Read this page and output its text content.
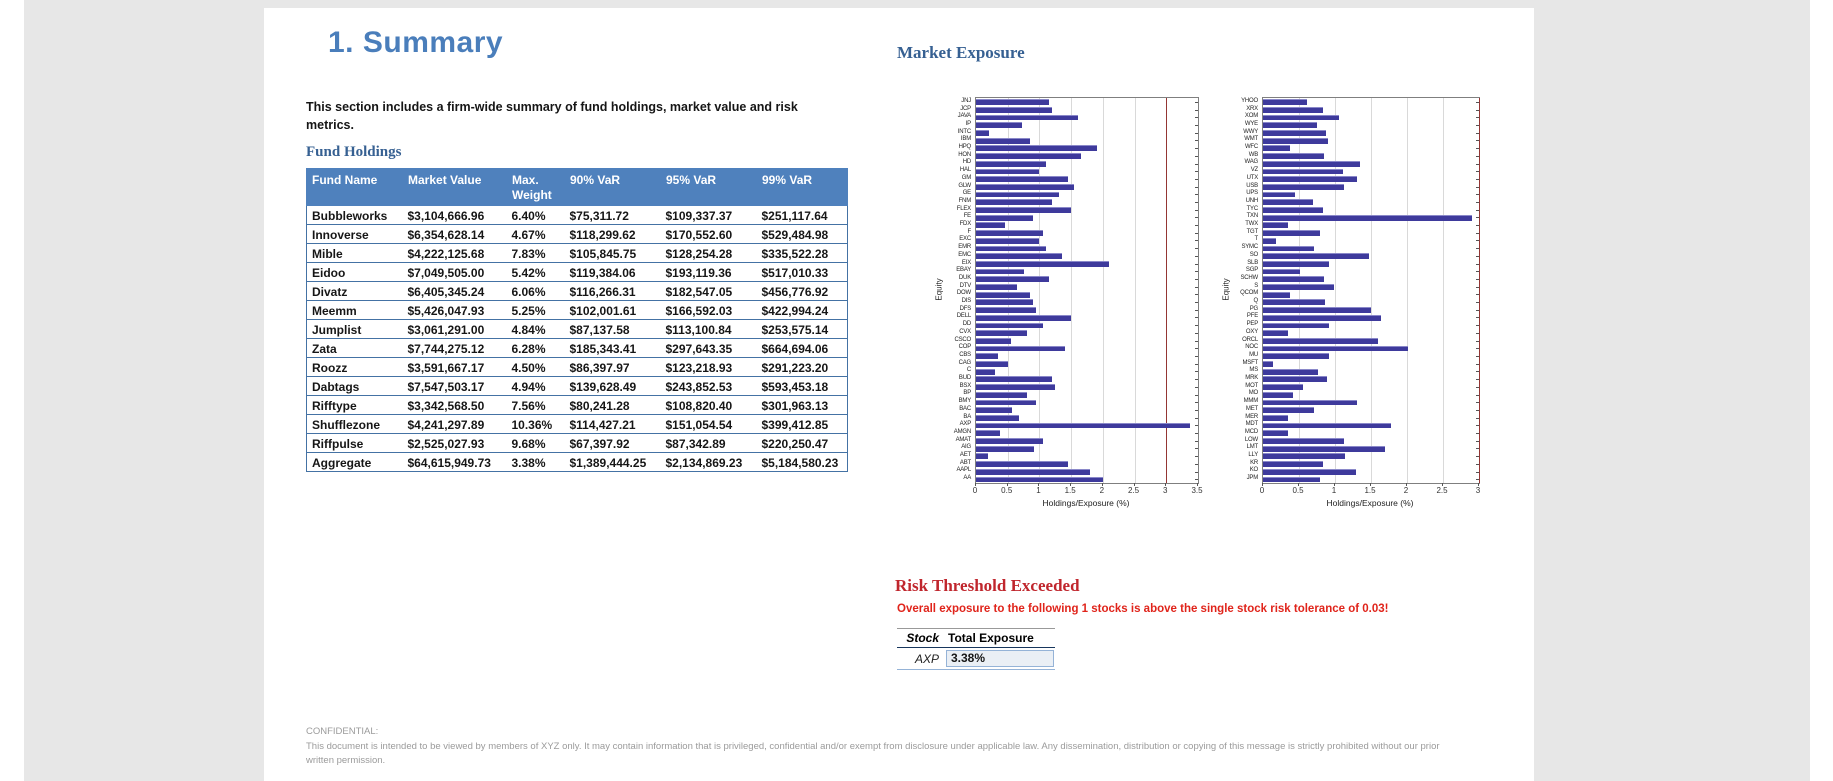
1. Summary
This section includes a firm-wide summary of fund holdings, market value and risk metrics.
Fund Holdings
Fund Name	Market Value	Max. Weight	90% VaR	95% VaR	99% VaR
Bubbleworks	$3,104,666.96	6.40%	$75,311.72	$109,337.37	$251,117.64
Innoverse	$6,354,628.14	4.67%	$118,299.62	$170,552.60	$529,484.98
Mible	$4,222,125.68	7.83%	$105,845.75	$128,254.28	$335,522.28
Eidoo	$7,049,505.00	5.42%	$119,384.06	$193,119.36	$517,010.33
Divatz	$6,405,345.24	6.06%	$116,266.31	$182,547.05	$456,776.92
Meemm	$5,426,047.93	5.25%	$102,001.61	$166,592.03	$422,994.24
Jumplist	$3,061,291.00	4.84%	$87,137.58	$113,100.84	$253,575.14
Zata	$7,744,275.12	6.28%	$185,343.41	$297,643.35	$664,694.06
Roozz	$3,591,667.17	4.50%	$86,397.97	$123,218.93	$291,223.20
Dabtags	$7,547,503.17	4.94%	$139,628.49	$243,852.53	$593,453.18
Rifftype	$3,342,568.50	7.56%	$80,241.28	$108,820.40	$301,963.13
Shufflezone	$4,241,297.89	10.36%	$114,427.21	$151,054.54	$399,412.85
Riffpulse	$2,525,027.93	9.68%	$67,397.92	$87,342.89	$220,250.47
Aggregate	$64,615,949.73	3.38%	$1,389,444.25	$2,134,869.23	$5,184,580.23
Market Exposure
0	0.5	1	1.5	2	2.5	3	3.5
JNJ
JCP
JAVA
IP
INTC
IBM
HPQ
HON
HD
HAL
GM
GLW
GE
FNM
FLEX
FE
FDX
F
EXC
EMR
EMC
EIX
EBAY
DUK
DTV
DOW
DIS
DFS
DELL
DD
CVX
CSCO
COP
CBS
CAG
C
BUD
BSX
BP
BMY
BAC
BA
AXP
AMGN
AMAT
AIG
AET
ABT
AAPL
AA
Holdings/Exposure (%)
Equity
0	0.5	1	1.5	2	2.5	3
YHOO
XRX
XOM
WYE
WWY
WMT
WFC
WB
WAG
VZ
UTX
USB
UPS
UNH
TYC
TXN
TWX
TGT
T
SYMC
SO
SLB
SGP
SCHW
S
QCOM
Q
PG
PFE
PEP
OXY
ORCL
NOC
MU
MSFT
MS
MRK
MOT
MO
MMM
MET
MER
MDT
MCD
LOW
LMT
LLY
KR
KO
JPM
Holdings/Exposure (%)
Equity
Risk Threshold Exceeded
Overall exposure to the following 1 stocks is above the single stock risk tolerance of 0.03!
Stock Total Exposure
AXP	3.38%
CONFIDENTIAL:
This document is intended to be viewed by members of XYZ only. It may contain information that is privileged, confidential and/or exempt from disclosure under applicable law. Any dissemination, distribution or copying of this message is strictly prohibited without our prior written permission.
